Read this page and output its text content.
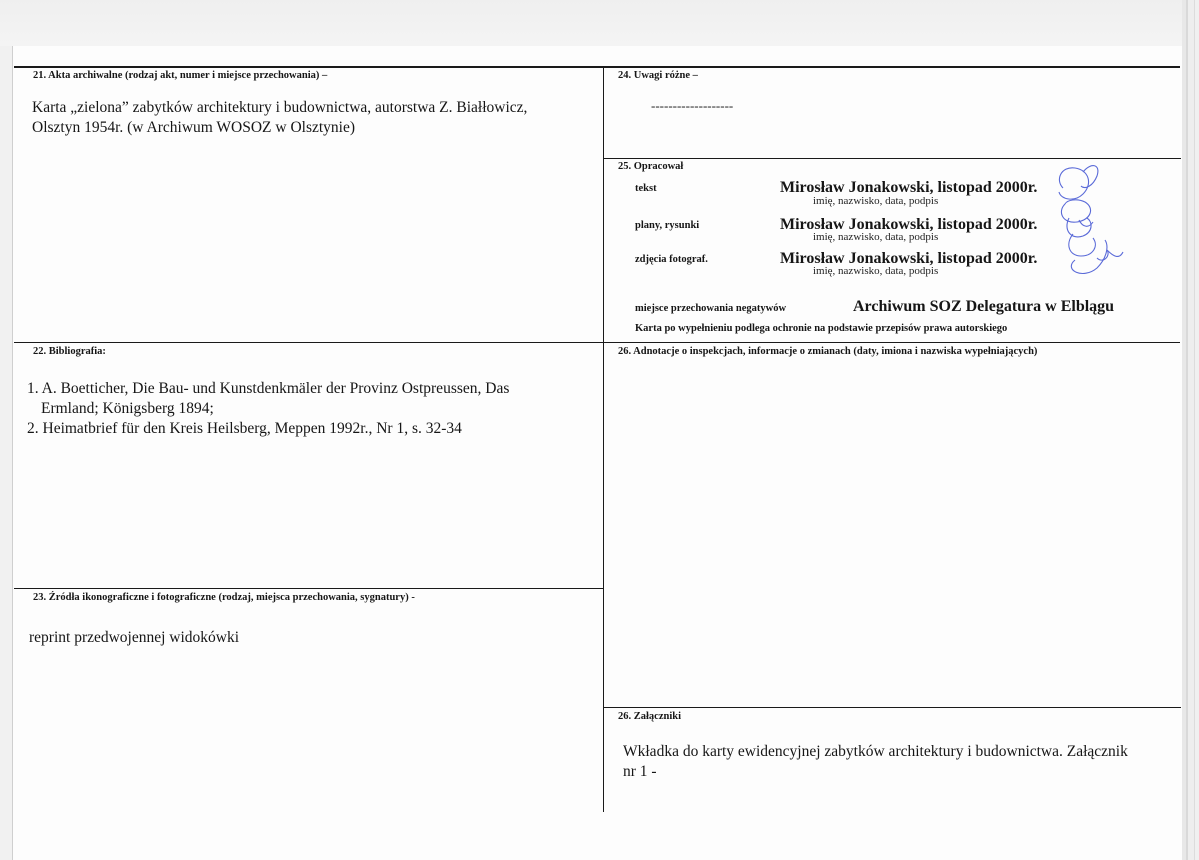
21. Akta archiwalne (rodzaj akt, numer i miejsce przechowania) –
Karta „zielona” zabytków architektury i budownictwa, autorstwa Z. Białłowicz,
Olsztyn 1954r. (w Archiwum WOSOZ w Olsztynie)
24. Uwagi różne –
-------------------
25. Opracował
tekst	Mirosław Jonakowski, listopad 2000r.
imię, nazwisko, data, podpis
plany, rysunki	Mirosław Jonakowski, listopad 2000r.
imię, nazwisko, data, podpis
zdjęcia fotograf.	Mirosław Jonakowski, listopad 2000r.
imię, nazwisko, data, podpis
miejsce przechowania negatywów	Archiwum SOZ Delegatura w Elblągu
Karta po wypełnieniu podlega ochronie na podstawie przepisów prawa autorskiego
22. Bibliografia:
1. A. Boetticher, Die Bau- und Kunstdenkmäler der Provinz Ostpreussen, Das
Ermland; Königsberg 1894;
2. Heimatbrief für den Kreis Heilsberg, Meppen 1992r., Nr 1, s. 32-34
26. Adnotacje o inspekcjach, informacje o zmianach (daty, imiona i nazwiska wypełniających)
23. Źródła ikonograficzne i fotograficzne (rodzaj, miejsca przechowania, sygnatury) -
reprint przedwojennej widokówki
26. Załączniki
Wkładka do karty ewidencyjnej zabytków architektury i budownictwa. Załącznik
nr 1 -
